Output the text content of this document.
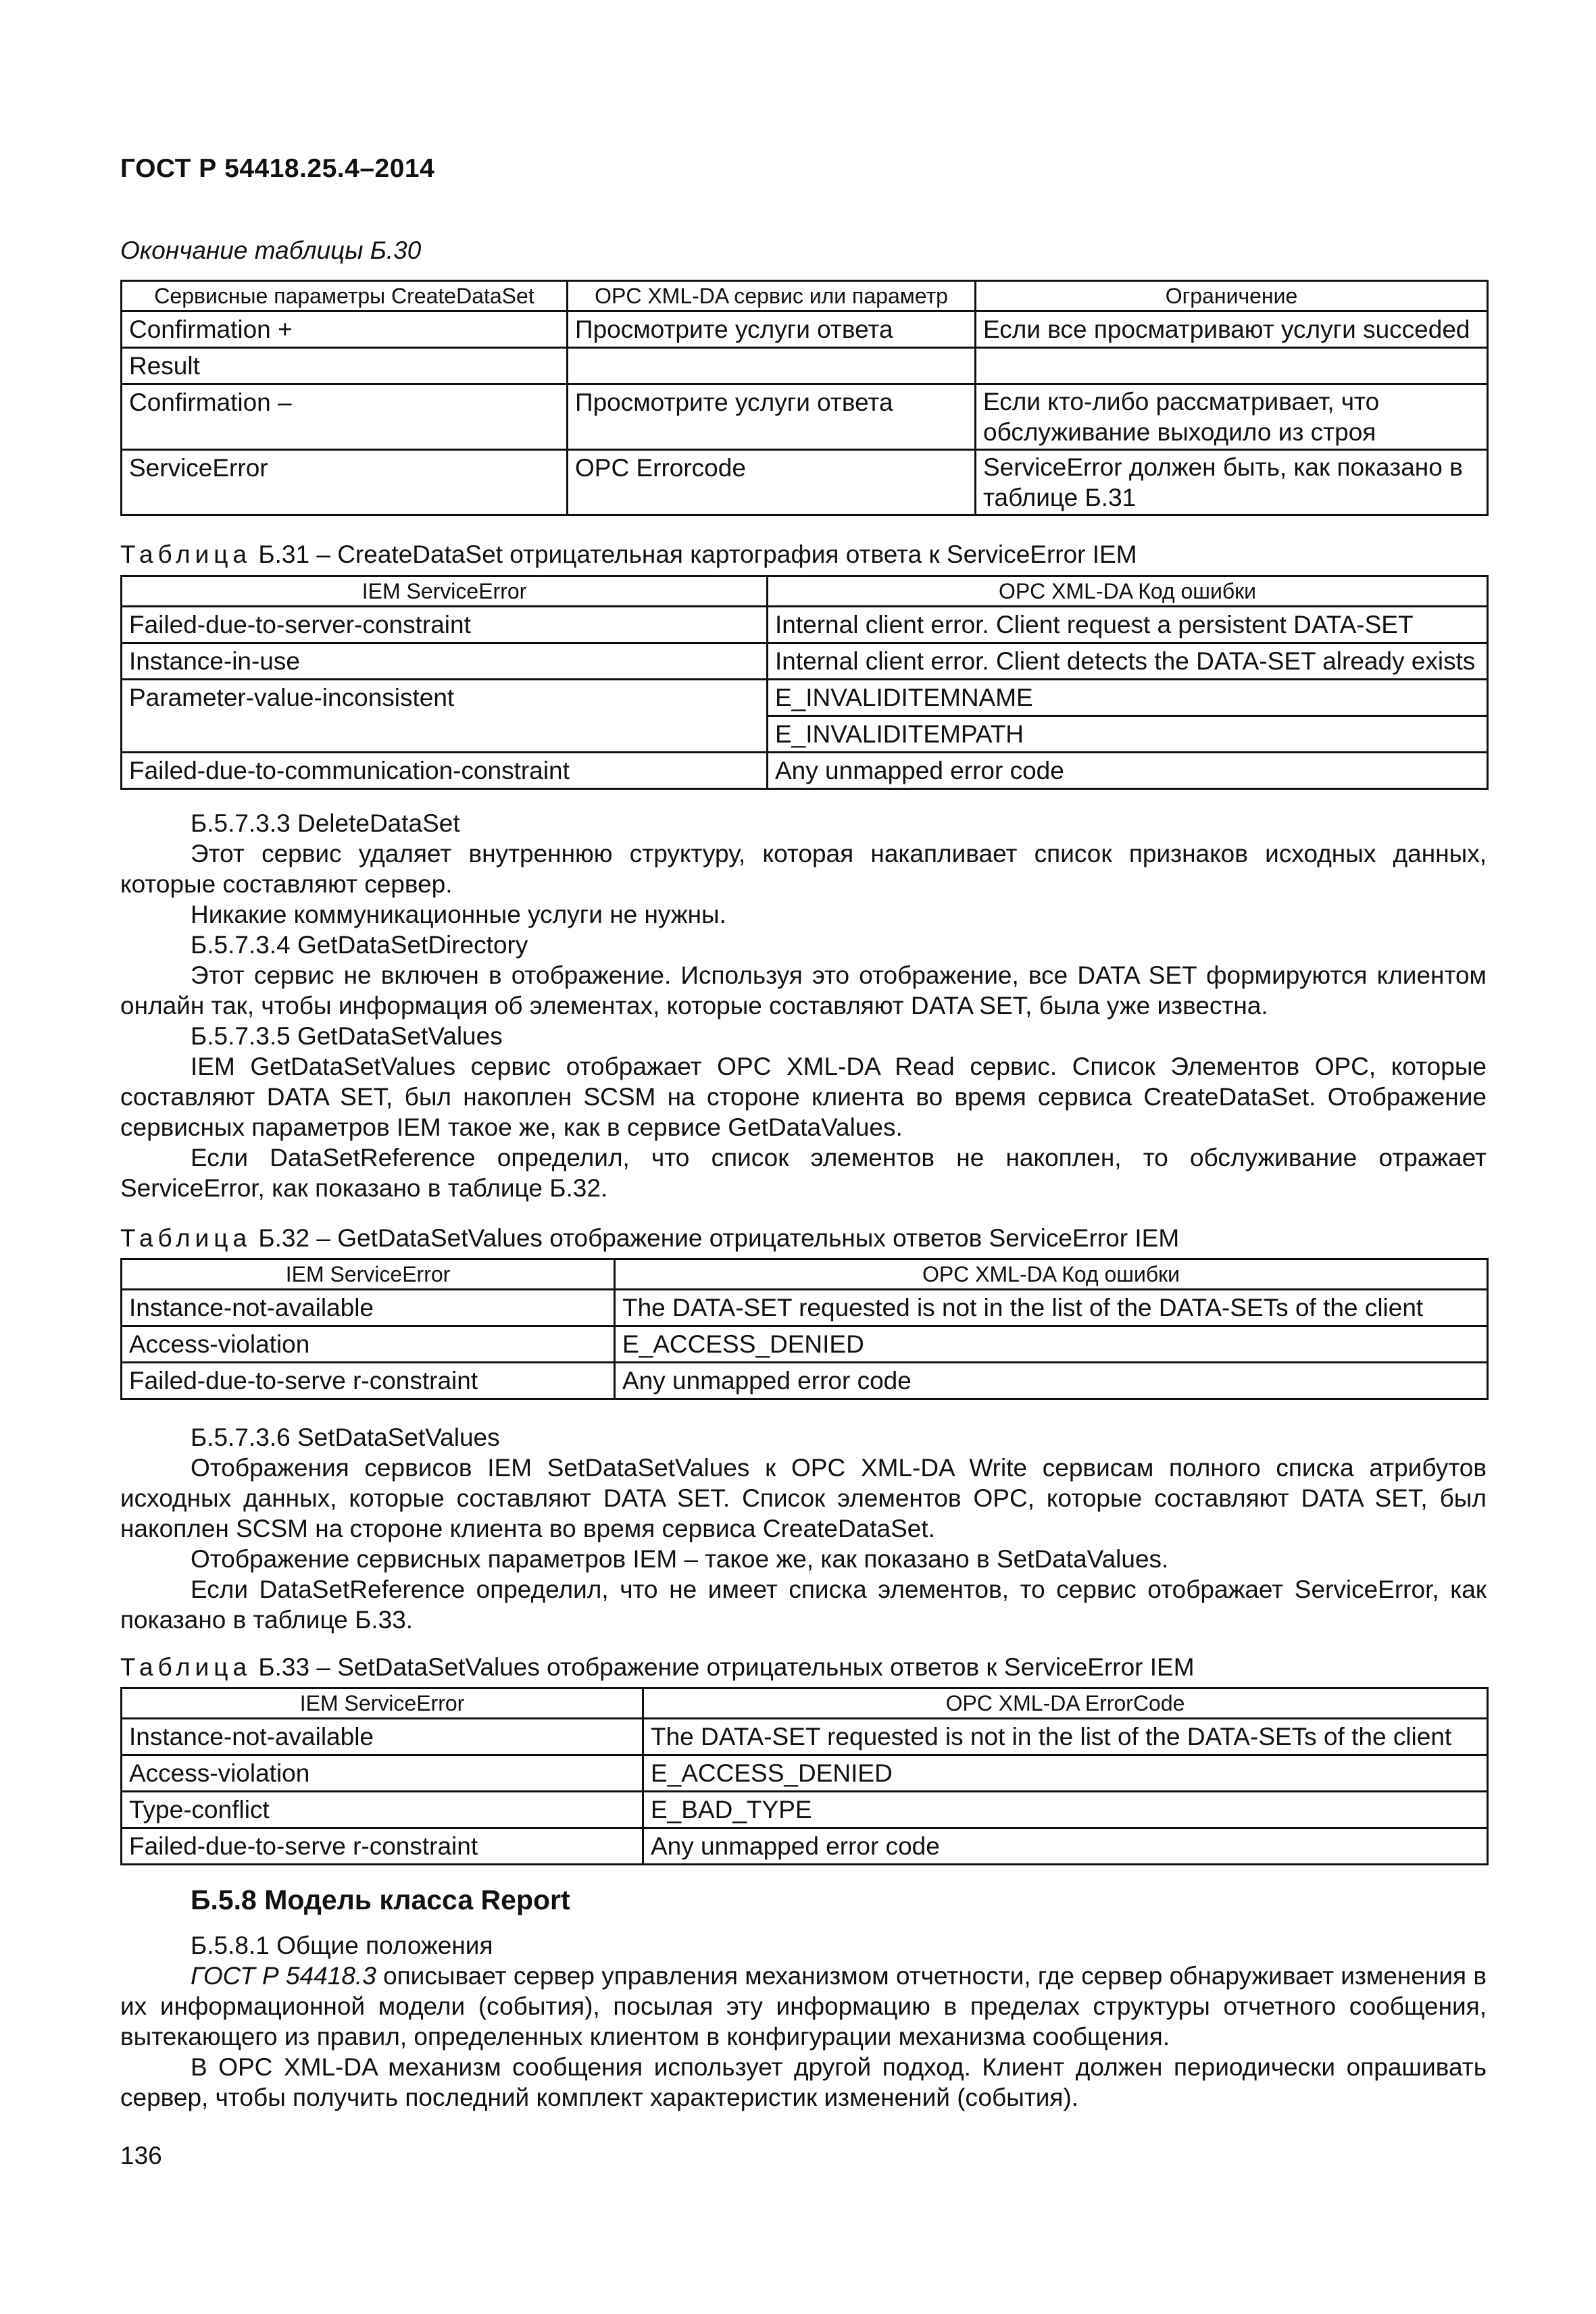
ГОСТ Р 54418.25.4–2014
Окончание таблицы Б.30
Сервисные параметры CreateDataSet	OPC XML-DA сервис или параметр	Ограничение
Confirmation +	Просмотрите услуги ответа	Если все просматривают услуги succeded
Result		
Confirmation –	Просмотрите услуги ответа	Если кто-либо рассматривает, что обслуживание выходило из строя
ServiceError	OPC Errorcode	ServiceError должен быть, как показано в таблице Б.31
Таблица Б.31 – CreateDataSet отрицательная картография ответа к ServiceError IEM
IEM ServiceError	OPC XML-DA Код ошибки
Failed-due-to-server-constraint	Internal client error. Client request a persistent DATA-SET
Instance-in-use	Internal client error. Client detects the DATA-SET already exists
Parameter-value-inconsistent	E_INVALIDITEMNAME
	E_INVALIDITEMPATH
Failed-due-to-communication-constraint	Any unmapped error code

Б.5.7.3.3 DeleteDataSet

Этот сервис удаляет внутреннюю структуру, которая накапливает список признаков исходных данных, которые составляют сервер.

Никакие коммуникационные услуги не нужны.

Б.5.7.3.4 GetDataSetDirectory

Этот сервис не включен в отображение. Используя это отображение, все DATA SET формируются клиентом онлайн так, чтобы информация об элементах, которые составляют DATA SET, была уже известна.

Б.5.7.3.5 GetDataSetValues

IEM GetDataSetValues сервис отображает OPC XML-DA Read сервис. Список Элементов OPC, которые составляют DATA SET, был накоплен SCSM на стороне клиента во время сервиса CreateDataSet. Отображение сервисных параметров IEM такое же, как в сервисе GetDataValues.

Если DataSetReference определил, что список элементов не накоплен, то обслуживание отражает ServiceError, как показано в таблице Б.32.

Таблица Б.32 – GetDataSetValues отображение отрицательных ответов ServiceError IEM
IEM ServiceError	OPC XML-DA Код ошибки
Instance-not-available	The DATA-SET requested is not in the list of the DATA-SETs of the client
Access-violation	E_ACCESS_DENIED
Failed-due-to-serve r-constraint	Any unmapped error code

Б.5.7.3.6 SetDataSetValues

Отображения сервисов IEM SetDataSetValues к OPC XML-DA Write сервисам полного списка атрибутов исходных данных, которые составляют DATA SET. Список элементов OPC, которые составляют DATA SET, был накоплен SCSM на стороне клиента во время сервиса CreateDataSet.

Отображение сервисных параметров IEM – такое же, как показано в SetDataValues.

Если DataSetReference определил, что не имеет списка элементов, то сервис отображает ServiceError, как показано в таблице Б.33.

Таблица Б.33 – SetDataSetValues отображение отрицательных ответов к ServiceError IEM
IEM ServiceError	OPC XML-DA ErrorCode
Instance-not-available	The DATA-SET requested is not in the list of the DATA-SETs of the client
Access-violation	E_ACCESS_DENIED
Type-conflict	E_BAD_TYPE
Failed-due-to-serve r-constraint	Any unmapped error code

Б.5.8 Модель класса Report

Б.5.8.1 Общие положения

ГОСТ Р 54418.3 описывает сервер управления механизмом отчетности, где сервер обнаруживает изменения в их информационной модели (события), посылая эту информацию в пределах структуры отчетного сообщения, вытекающего из правил, определенных клиентом в конфигурации механизма сообщения.

В OPC XML-DA механизм сообщения использует другой подход. Клиент должен периодически опрашивать сервер, чтобы получить последний комплект характеристик изменений (события).

136
